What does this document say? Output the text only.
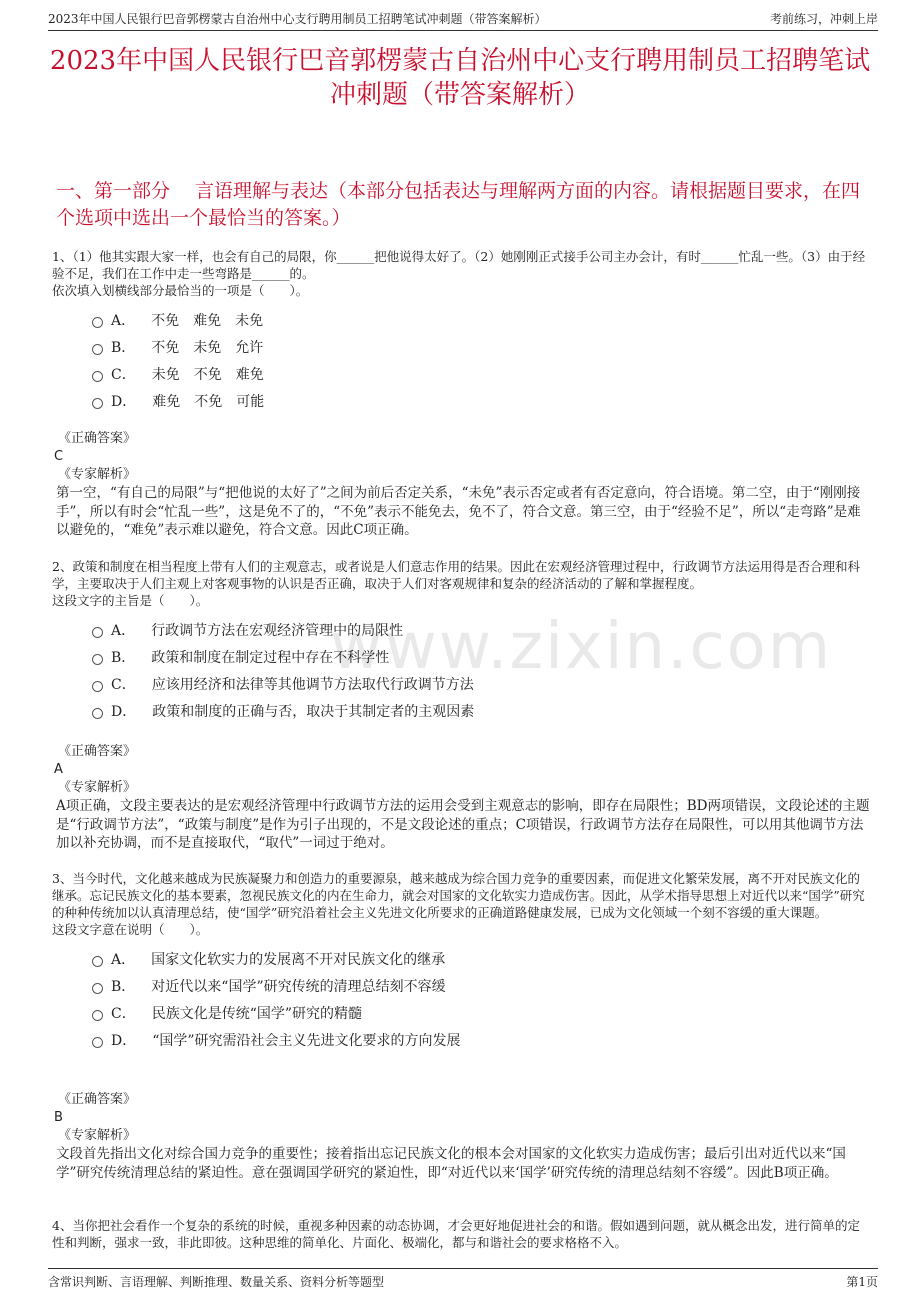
2023年中国人民银行巴音郭楞蒙古自治州中心支行聘用制员工招聘笔试冲刺题（带答案解析）	考前练习，冲刺上岸
2023年中国人民银行巴音郭楞蒙古自治州中心支行聘用制员工招聘笔试冲刺题（带答案解析）
一、第一部分　 言语理解与表达（本部分包括表达与理解两方面的内容。请根据题目要求，在四个选项中选出一个最恰当的答案。）
www.zixin.com

1、（1）他其实跟大家一样，也会有自己的局限，你______把他说得太好了。（2）她刚刚正式接手公司主办会计，有时______忙乱一些。（3）由于经验不足，我们在工作中走一些弯路是______的。

依次填入划横线部分最恰当的一项是（　　）。

A． 不免　难免　未免
B． 不免　未免　允许
C． 未免　不免　难免
D． 难免　不免　可能

《正确答案》

C

《专家解析》

第一空，“有自己的局限”与“把他说的太好了”之间为前后否定关系，“未免”表示否定或者有否定意向，符合语境。第二空，由于“刚刚接手”，所以有时会“忙乱一些”，这是免不了的，“不免”表示不能免去，免不了，符合文意。第三空，由于“经验不足”，所以“走弯路”是难以避免的，“难免”表示难以避免，符合文意。因此C项正确。

2、政策和制度在相当程度上带有人们的主观意志，或者说是人们意志作用的结果。因此在宏观经济管理过程中，行政调节方法运用得是否合理和科学，主要取决于人们主观上对客观事物的认识是否正确，取决于人们对客观规律和复杂的经济活动的了解和掌握程度。

这段文字的主旨是（　　）。

A． 行政调节方法在宏观经济管理中的局限性
B． 政策和制度在制定过程中存在不科学性
C． 应该用经济和法律等其他调节方法取代行政调节方法
D． 政策和制度的正确与否，取决于其制定者的主观因素

《正确答案》

A

《专家解析》

A项正确，文段主要表达的是宏观经济管理中行政调节方法的运用会受到主观意志的影响，即存在局限性；BD两项错误，文段论述的主题是“行政调节方法”，“政策与制度”是作为引子出现的，不是文段论述的重点；C项错误，行政调节方法存在局限性，可以用其他调节方法加以补充协调，而不是直接取代，“取代”一词过于绝对。

3、当今时代，文化越来越成为民族凝聚力和创造力的重要源泉，越来越成为综合国力竞争的重要因素，而促进文化繁荣发展，离不开对民族文化的继承。忘记民族文化的基本要素，忽视民族文化的内在生命力，就会对国家的文化软实力造成伤害。因此，从学术指导思想上对近代以来“国学”研究的种种传统加以认真清理总结，使“国学”研究沿着社会主义先进文化所要求的正确道路健康发展，已成为文化领域一个刻不容缓的重大课题。

这段文字意在说明（　　）。

A． 国家文化软实力的发展离不开对民族文化的继承
B． 对近代以来“国学”研究传统的清理总结刻不容缓
C． 民族文化是传统“国学”研究的精髓
D． “国学”研究需沿社会主义先进文化要求的方向发展

《正确答案》

B

《专家解析》

文段首先指出文化对综合国力竞争的重要性；接着指出忘记民族文化的根本会对国家的文化软实力造成伤害；最后引出对近代以来“国学”研究传统清理总结的紧迫性。意在强调国学研究的紧迫性，即“对近代以来‘国学’研究传统的清理总结刻不容缓”。因此B项正确。

4、当你把社会看作一个复杂的系统的时候，重视多种因素的动态协调，才会更好地促进社会的和谐。假如遇到问题，就从概念出发，进行简单的定性和判断，强求一致，非此即彼。这种思维的简单化、片面化、极端化，都与和谐社会的要求格格不入。

含常识判断、言语理解、判断推理、数量关系、资料分析等题型	第1页
